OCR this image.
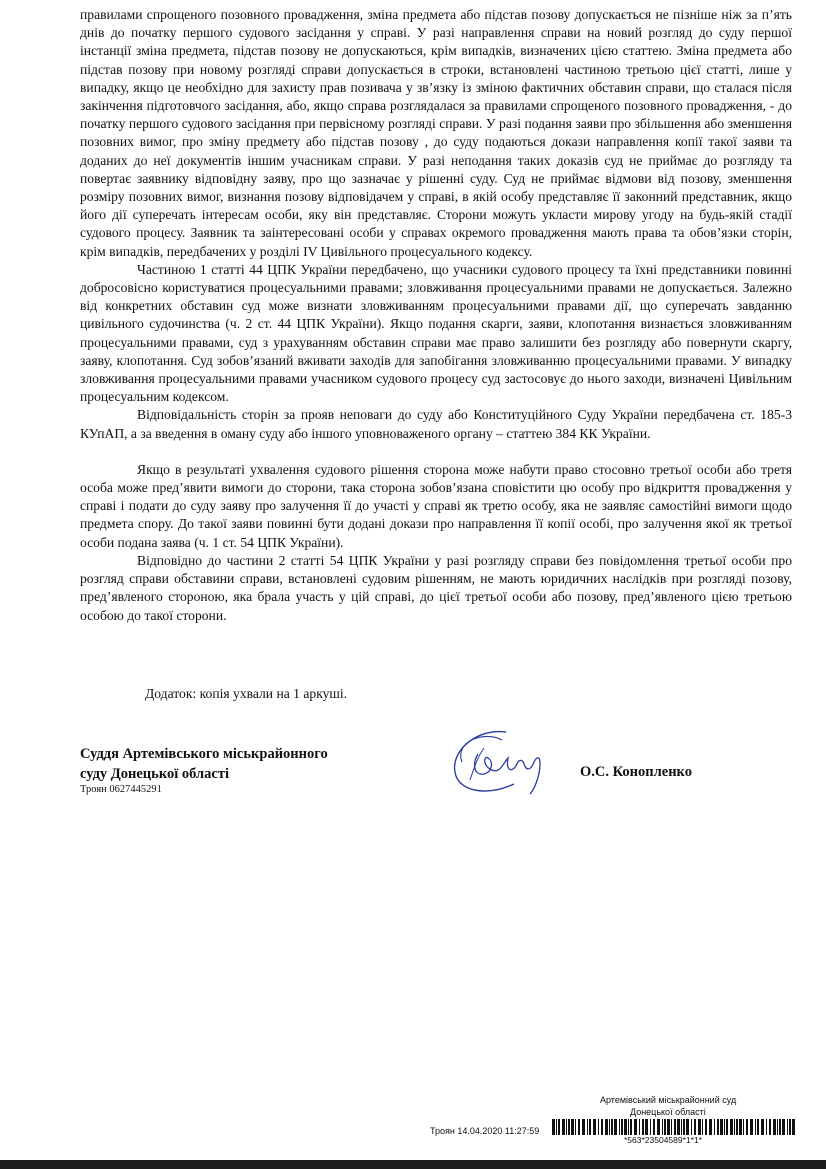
правилами спрощеного позовного провадження, зміна предмета або підстав позову допускається не пізніше ніж за п’ять днів до початку першого судового засідання у справі. У разі направлення справи на новий розгляд до суду першої інстанції зміна предмета, підстав позову не допускаються, крім випадків, визначених цією статтею. Зміна предмета або підстав позову при новому розгляді справи допускається в строки, встановлені частиною третьою цієї статті, лише у випадку, якщо це необхідно для захисту прав позивача у зв’язку із зміною фактичних обставин справи, що сталася після закінчення підготовчого засідання, або, якщо справа розглядалася за правилами спрощеного позовного провадження, - до початку першого судового засідання при первісному розгляді справи. У разі подання заяви про збільшення або зменшення позовних вимог, про зміну предмету або підстав позову , до суду подаються докази направлення копії такої заяви та доданих до неї документів іншим учасникам справи. У разі неподання таких доказів суд не приймає до розгляду та повертає заявнику відповідну заяву, про що зазначає у рішенні суду. Суд не приймає відмови від позову, зменшення розміру позовних вимог, визнання позову відповідачем у справі, в якій особу представляє її законний представник, якщо його дії суперечать інтересам особи, яку він представляє. Сторони можуть укласти мирову угоду на будь-якій стадії судового процесу. Заявник та заінтересовані особи у справах окремого провадження мають права та обов’язки сторін, крім випадків, передбачених у розділі IV Цивільного процесуального кодексу.

Частиною 1 статті 44 ЦПК України передбачено, що учасники судового процесу та їхні представники повинні добросовісно користуватися процесуальними правами; зловживання процесуальними правами не допускається. Залежно від конкретних обставин суд може визнати зловживанням процесуальними правами дії, що суперечать завданню цивільного судочинства (ч. 2 ст. 44 ЦПК України). Якщо подання скарги, заяви, клопотання визнається зловживанням процесуальними правами, суд з урахуванням обставин справи має право залишити без розгляду або повернути скаргу, заяву, клопотання. Суд зобов’язаний вживати заходів для запобігання зловживанню процесуальними правами. У випадку зловживання процесуальними правами учасником судового процесу суд застосовує до нього заходи, визначені Цивільним процесуальним кодексом.

Відповідальність сторін за прояв неповаги до суду або Конституційного Суду України передбачена ст. 185-3 КУпАП, а за введення в оману суду або іншого уповноваженого органу – статтею 384 КК України.

Якщо в результаті ухвалення судового рішення сторона може набути право стосовно третьої особи або третя особа може пред’явити вимоги до сторони, така сторона зобов’язана сповістити цю особу про відкриття провадження у справі і подати до суду заяву про залучення її до участі у справі як третю особу, яка не заявляє самостійні вимоги щодо предмета спору. До такої заяви повинні бути додані докази про направлення її копії особі, про залучення якої як третьої особи подана заява (ч. 1 ст. 54 ЦПК України).

Відповідно до частини 2 статті 54 ЦПК України у разі розгляду справи без повідомлення третьої особи про розгляд справи обставини справи, встановлені судовим рішенням, не мають юридичних наслідків при розгляді позову, пред’явленого стороною, яка брала участь у цій справі, до цієї третьої особи або позову, пред’явленого цією третьою особою до такої сторони.

Додаток: копія ухвали на 1 аркуші.
Суддя Артемівського міськрайонного
суду Донецької області
Троян 0627445291
О.С. Конопленко
Артемівський міськрайонний суд
Донецької області
Троян 14.04.2020 11:27:59
*563*23504589*1*1*
